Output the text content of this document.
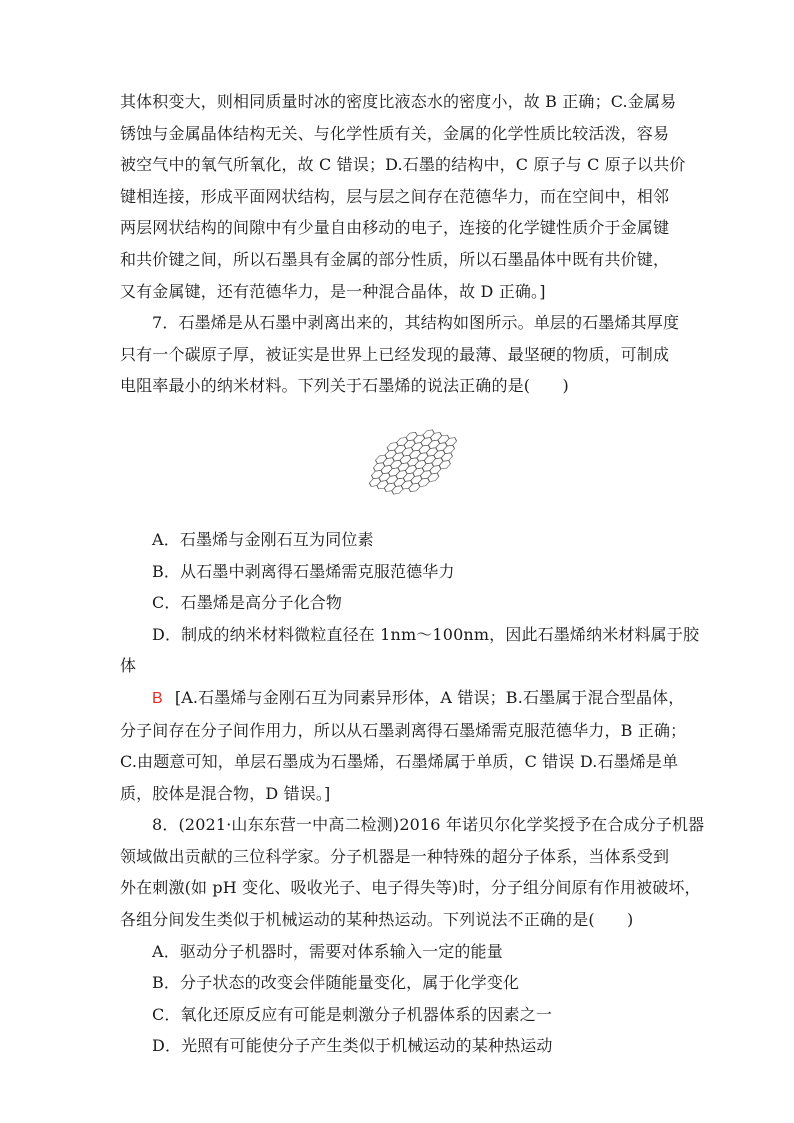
其体积变大，则相同质量时冰的密度比液态水的密度小，故 B 正确；C.金属易
锈蚀与金属晶体结构无关、与化学性质有关，金属的化学性质比较活泼，容易
被空气中的氧气所氧化，故 C 错误；D.石墨的结构中，C 原子与 C 原子以共价
键相连接，形成平面网状结构，层与层之间存在范德华力，而在空间中，相邻
两层网状结构的间隙中有少量自由移动的电子，连接的化学键性质介于金属键
和共价键之间，所以石墨具有金属的部分性质，所以石墨晶体中既有共价键，
又有金属键，还有范德华力，是一种混合晶体，故 D 正确。]
7．石墨烯是从石墨中剥离出来的，其结构如图所示。单层的石墨烯其厚度
只有一个碳原子厚，被证实是世界上已经发现的最薄、最坚硬的物质，可制成
电阻率最小的纳米材料。下列关于石墨烯的说法正确的是(　　)
A．石墨烯与金刚石互为同位素
B．从石墨中剥离得石墨烯需克服范德华力
C．石墨烯是高分子化合物
D．制成的纳米材料微粒直径在 1nm～100nm，因此石墨烯纳米材料属于胶
体
B [A.石墨烯与金刚石互为同素异形体，A 错误；B.石墨属于混合型晶体，
分子间存在分子间作用力，所以从石墨剥离得石墨烯需克服范德华力，B 正确；
C.由题意可知，单层石墨成为石墨烯，石墨烯属于单质，C 错误 D.石墨烯是单
质，胶体是混合物，D 错误。]
8．(2021·山东东营一中高二检测)2016 年诺贝尔化学奖授予在合成分子机器
领域做出贡献的三位科学家。分子机器是一种特殊的超分子体系，当体系受到
外在刺激(如 pH 变化、吸收光子、电子得失等)时，分子组分间原有作用被破坏，
各组分间发生类似于机械运动的某种热运动。下列说法不正确的是(　　)
A．驱动分子机器时，需要对体系输入一定的能量
B．分子状态的改变会伴随能量变化，属于化学变化
C．氧化还原反应有可能是刺激分子机器体系的因素之一
D．光照有可能使分子产生类似于机械运动的某种热运动
